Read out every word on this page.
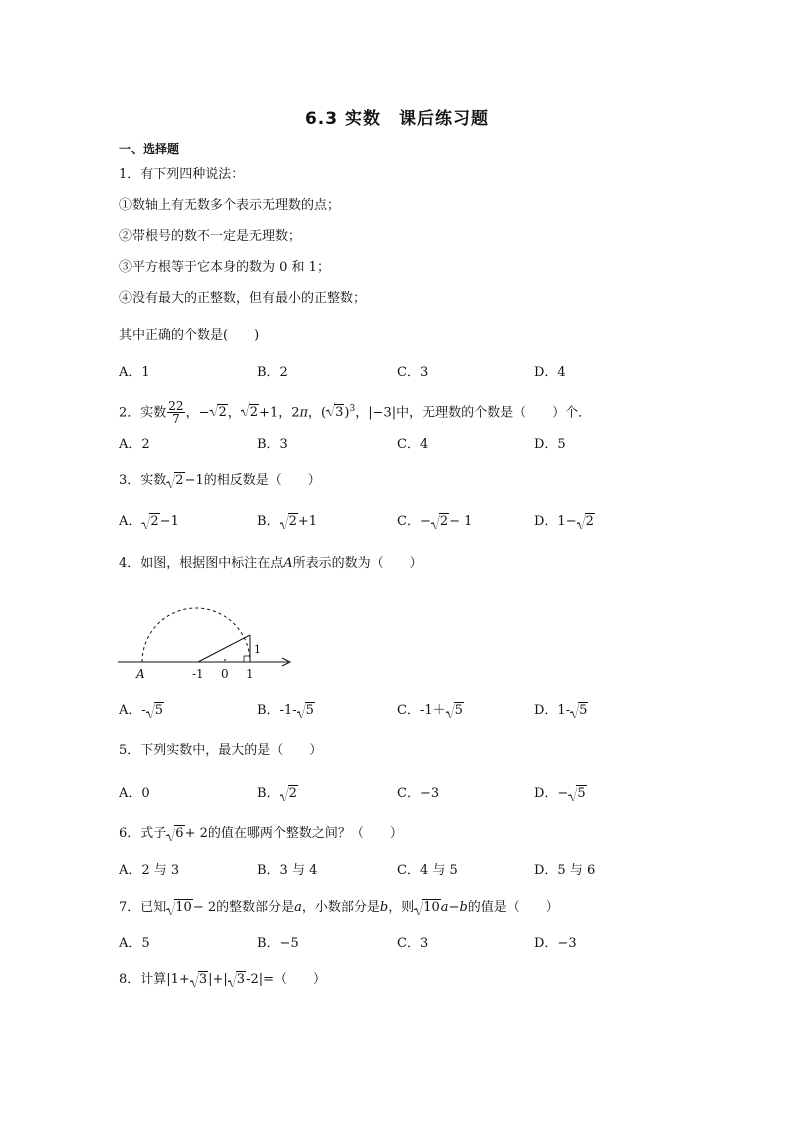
6.3 实数　课后练习题
一、选择题
1．有下列四种说法：
①数轴上有无数多个表示无理数的点；
②带根号的数不一定是无理数；
③平方根等于它本身的数为 0 和 1；
④没有最大的正整数，但有最小的正整数；
其中正确的个数是(　　)
A．1	B．2	C．3	D．4
2．实数 $\frac{22}{7}$ ，− 2， 2+1，2π，( 3)$^3$，|−3|中，无理数的个数是（　　）个．
A．2	B．3	C．4	D．5
3．实数 2−1的相反数是（　　）
A． 2−1	B． 2+1	C．− 2− 1	D．1− 2
4．如图，根据图中标注在点A所表示的数为（　　）
A	-1 0 1
1
A．- 5	B．-1- 5	C．-1＋ 5	D．1- 5
5．下列实数中，最大的是（　　）
A．0	B． 2	C．−3	D．− 5
6．式子 6+ 2的值在哪两个整数之间？（　　）
A．2 与 3	B．3 与 4	C．4 与 5	D．5 与 6
7．已知 10− 2的整数部分是a，小数部分是b，则 10a−b的值是（　　）
A．5	B．−5	C．3	D．−3
8．计算|1+ 3|+| 3-2|=（　　）
